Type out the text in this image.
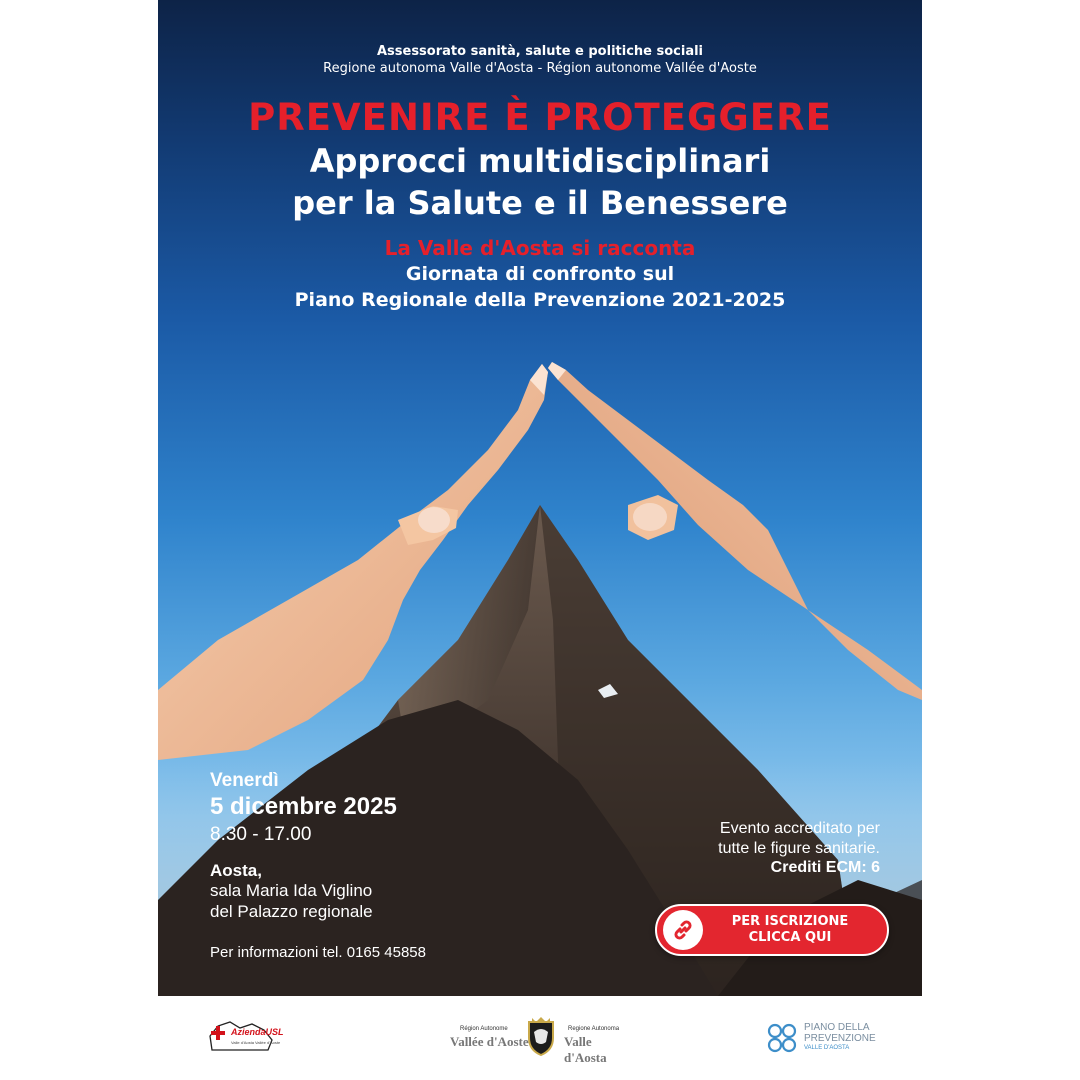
Assessorato sanità, salute e politiche sociali
Regione autonoma Valle d'Aosta - Région autonome Vallée d'Aoste
PREVENIRE È PROTEGGERE
Approcci multidisciplinari
per la Salute e il Benessere
La Valle d'Aosta si racconta
Giornata di confronto sul
Piano Regionale della Prevenzione 2021-2025
Venerdì
5 dicembre 2025
8.30 - 17.00
Aosta,
sala Maria Ida Viglino
del Palazzo regionale
Per informazioni tel. 0165 45858
Evento accreditato per
tutte le figure sanitarie.
Crediti ECM: 6
PER ISCRIZIONE
CLICCA QUI
AziendaUSL
Valle d'Aosta Vallée d'Aoste
Région Autonome
Vallée d'Aoste
Regione Autonoma
Valle d'Aosta
PIANO DELLA
PREVENZIONE
VALLE D'AOSTA
